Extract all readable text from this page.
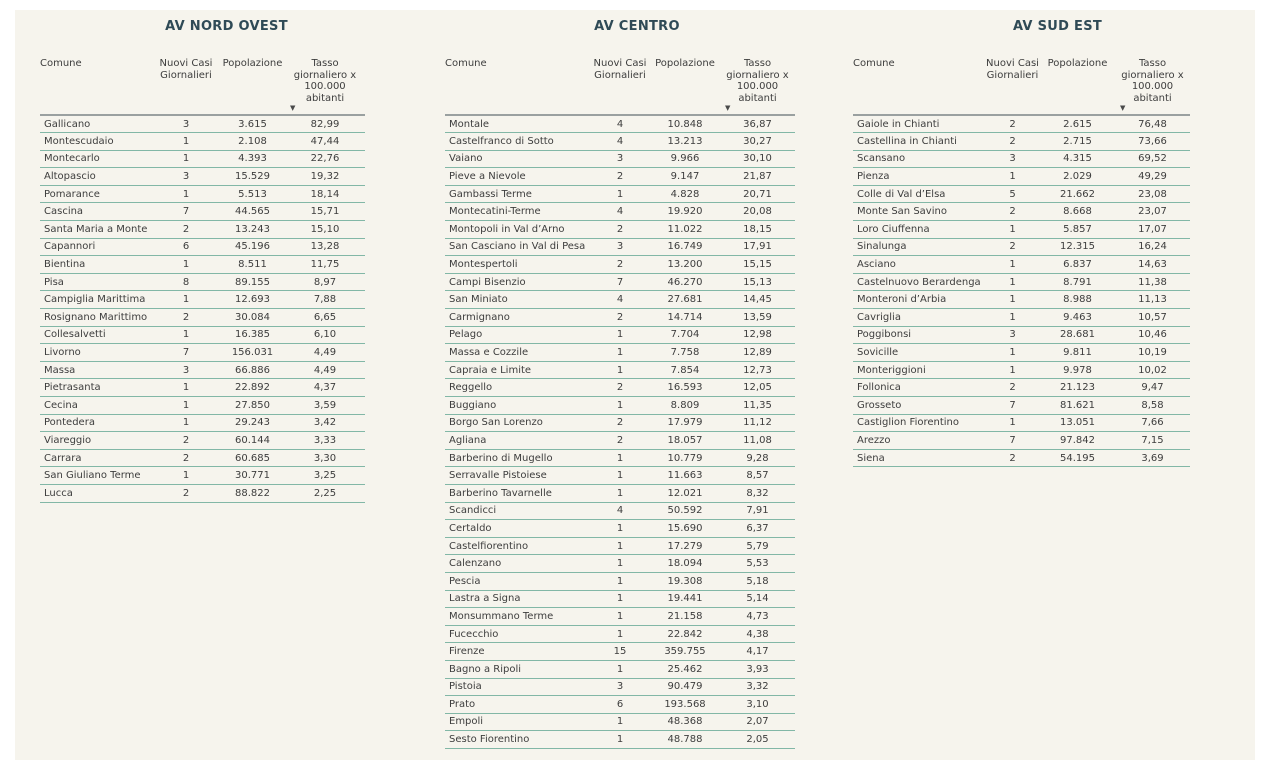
AV NORD OVEST
Comune	Nuovi Casi
Giornalieri	Popolazione	Tasso
giornaliero x
100.000
abitanti
▼

Gallicano	3	3.615	82,99
Montescudaio	1	2.108	47,44
Montecarlo	1	4.393	22,76
Altopascio	3	15.529	19,32
Pomarance	1	5.513	18,14
Cascina	7	44.565	15,71
Santa Maria a Monte	2	13.243	15,10
Capannori	6	45.196	13,28
Bientina	1	8.511	11,75
Pisa	8	89.155	8,97
Campiglia Marittima	1	12.693	7,88
Rosignano Marittimo	2	30.084	6,65
Collesalvetti	1	16.385	6,10
Livorno	7	156.031	4,49
Massa	3	66.886	4,49
Pietrasanta	1	22.892	4,37
Cecina	1	27.850	3,59
Pontedera	1	29.243	3,42
Viareggio	2	60.144	3,33
Carrara	2	60.685	3,30
San Giuliano Terme	1	30.771	3,25
Lucca	2	88.822	2,25
AV CENTRO
Comune	Nuovi Casi
Giornalieri	Popolazione	Tasso
giornaliero x
100.000
abitanti
▼

Montale	4	10.848	36,87
Castelfranco di Sotto	4	13.213	30,27
Vaiano	3	9.966	30,10
Pieve a Nievole	2	9.147	21,87
Gambassi Terme	1	4.828	20,71
Montecatini-Terme	4	19.920	20,08
Montopoli in Val d’Arno	2	11.022	18,15
San Casciano in Val di Pesa	3	16.749	17,91
Montespertoli	2	13.200	15,15
Campi Bisenzio	7	46.270	15,13
San Miniato	4	27.681	14,45
Carmignano	2	14.714	13,59
Pelago	1	7.704	12,98
Massa e Cozzile	1	7.758	12,89
Capraia e Limite	1	7.854	12,73
Reggello	2	16.593	12,05
Buggiano	1	8.809	11,35
Borgo San Lorenzo	2	17.979	11,12
Agliana	2	18.057	11,08
Barberino di Mugello	1	10.779	9,28
Serravalle Pistoiese	1	11.663	8,57
Barberino Tavarnelle	1	12.021	8,32
Scandicci	4	50.592	7,91
Certaldo	1	15.690	6,37
Castelfiorentino	1	17.279	5,79
Calenzano	1	18.094	5,53
Pescia	1	19.308	5,18
Lastra a Signa	1	19.441	5,14
Monsummano Terme	1	21.158	4,73
Fucecchio	1	22.842	4,38
Firenze	15	359.755	4,17
Bagno a Ripoli	1	25.462	3,93
Pistoia	3	90.479	3,32
Prato	6	193.568	3,10
Empoli	1	48.368	2,07
Sesto Fiorentino	1	48.788	2,05
AV SUD EST
Comune	Nuovi Casi
Giornalieri	Popolazione	Tasso
giornaliero x
100.000
abitanti
▼

Gaiole in Chianti	2	2.615	76,48
Castellina in Chianti	2	2.715	73,66
Scansano	3	4.315	69,52
Pienza	1	2.029	49,29
Colle di Val d’Elsa	5	21.662	23,08
Monte San Savino	2	8.668	23,07
Loro Ciuffenna	1	5.857	17,07
Sinalunga	2	12.315	16,24
Asciano	1	6.837	14,63
Castelnuovo Berardenga	1	8.791	11,38
Monteroni d’Arbia	1	8.988	11,13
Cavriglia	1	9.463	10,57
Poggibonsi	3	28.681	10,46
Sovicille	1	9.811	10,19
Monteriggioni	1	9.978	10,02
Follonica	2	21.123	9,47
Grosseto	7	81.621	8,58
Castiglion Fiorentino	1	13.051	7,66
Arezzo	7	97.842	7,15
Siena	2	54.195	3,69
